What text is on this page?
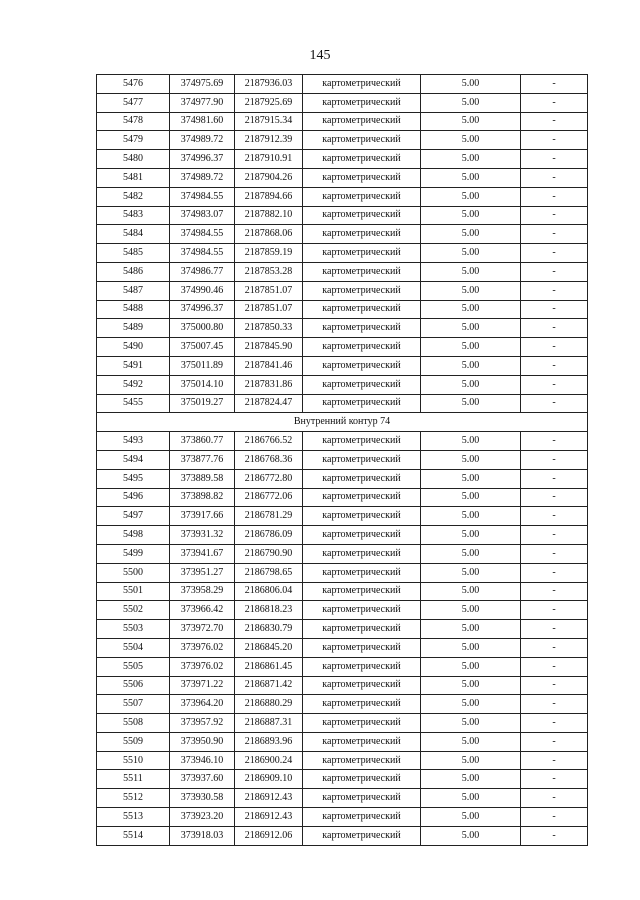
145
5476	374975.69	2187936.03	картометрический	5.00	-
5477	374977.90	2187925.69	картометрический	5.00	-
5478	374981.60	2187915.34	картометрический	5.00	-
5479	374989.72	2187912.39	картометрический	5.00	-
5480	374996.37	2187910.91	картометрический	5.00	-
5481	374989.72	2187904.26	картометрический	5.00	-
5482	374984.55	2187894.66	картометрический	5.00	-
5483	374983.07	2187882.10	картометрический	5.00	-
5484	374984.55	2187868.06	картометрический	5.00	-
5485	374984.55	2187859.19	картометрический	5.00	-
5486	374986.77	2187853.28	картометрический	5.00	-
5487	374990.46	2187851.07	картометрический	5.00	-
5488	374996.37	2187851.07	картометрический	5.00	-
5489	375000.80	2187850.33	картометрический	5.00	-
5490	375007.45	2187845.90	картометрический	5.00	-
5491	375011.89	2187841.46	картометрический	5.00	-
5492	375014.10	2187831.86	картометрический	5.00	-
5455	375019.27	2187824.47	картометрический	5.00	-
Внутренний контур 74					
5493	373860.77	2186766.52	картометрический	5.00	-
5494	373877.76	2186768.36	картометрический	5.00	-
5495	373889.58	2186772.80	картометрический	5.00	-
5496	373898.82	2186772.06	картометрический	5.00	-
5497	373917.66	2186781.29	картометрический	5.00	-
5498	373931.32	2186786.09	картометрический	5.00	-
5499	373941.67	2186790.90	картометрический	5.00	-
5500	373951.27	2186798.65	картометрический	5.00	-
5501	373958.29	2186806.04	картометрический	5.00	-
5502	373966.42	2186818.23	картометрический	5.00	-
5503	373972.70	2186830.79	картометрический	5.00	-
5504	373976.02	2186845.20	картометрический	5.00	-
5505	373976.02	2186861.45	картометрический	5.00	-
5506	373971.22	2186871.42	картометрический	5.00	-
5507	373964.20	2186880.29	картометрический	5.00	-
5508	373957.92	2186887.31	картометрический	5.00	-
5509	373950.90	2186893.96	картометрический	5.00	-
5510	373946.10	2186900.24	картометрический	5.00	-
5511	373937.60	2186909.10	картометрический	5.00	-
5512	373930.58	2186912.43	картометрический	5.00	-
5513	373923.20	2186912.43	картометрический	5.00	-
5514	373918.03	2186912.06	картометрический	5.00	-
